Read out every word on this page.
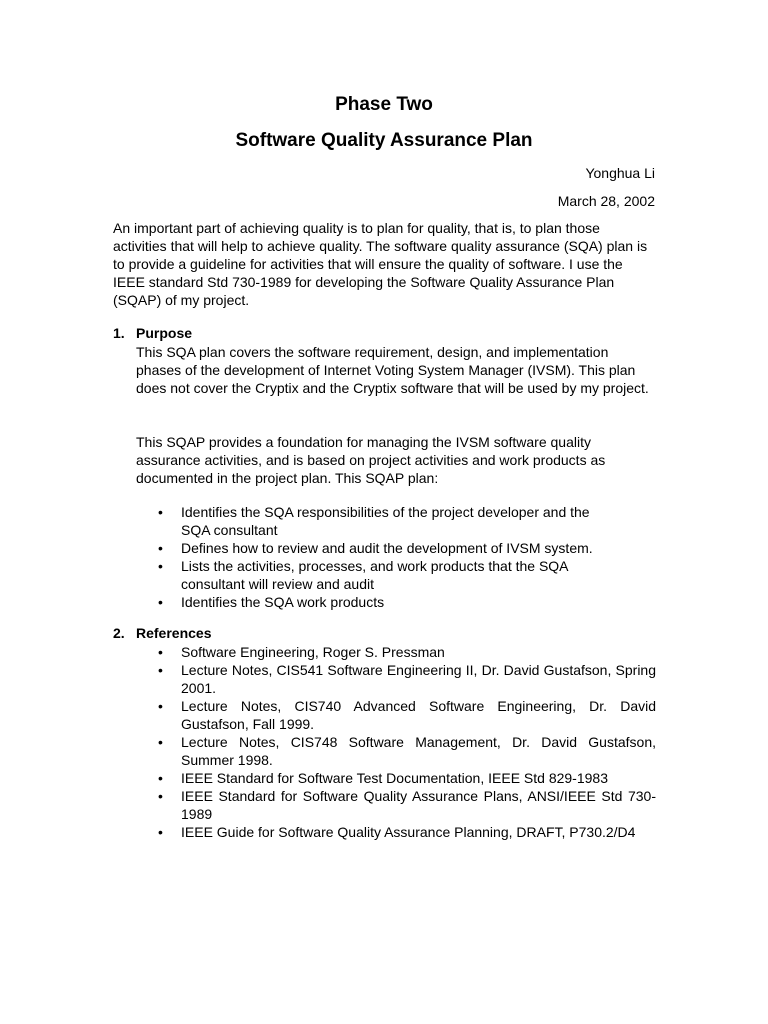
Phase Two
Software Quality Assurance Plan
Yonghua Li
March 28, 2002

An important part of achieving quality is to plan for quality, that is, to plan those activities that will help to achieve quality. The software quality assurance (SQA) plan is to provide a guideline for activities that will ensure the quality of software. I use the IEEE standard Std 730-1989 for developing the Software Quality Assurance Plan (SQAP) of my project.

1. Purpose

This SQA plan covers the software requirement, design, and implementation phases of the development of Internet Voting System Manager (IVSM). This plan does not cover the Cryptix and the Cryptix software that will be used by my project.

This SQAP provides a foundation for managing the IVSM software quality assurance activities, and is based on project activities and work products as documented in the project plan. This SQAP plan:

• Identifies the SQA responsibilities of the project developer and the SQA consultant
• Defines how to review and audit the development of IVSM system.
• Lists the activities, processes, and work products that the SQA consultant will review and audit
• Identifies the SQA work products
2. References
• Software Engineering, Roger S. Pressman
• Lecture Notes, CIS541 Software Engineering II, Dr. David Gustafson, Spring 2001.
• Lecture Notes, CIS740 Advanced Software Engineering, Dr. David Gustafson, Fall 1999.
• Lecture Notes, CIS748 Software Management, Dr. David Gustafson, Summer 1998.
• IEEE Standard for Software Test Documentation, IEEE Std 829-1983
• IEEE Standard for Software Quality Assurance Plans, ANSI/IEEE Std 730-1989
• IEEE Guide for Software Quality Assurance Planning, DRAFT, P730.2/D4
